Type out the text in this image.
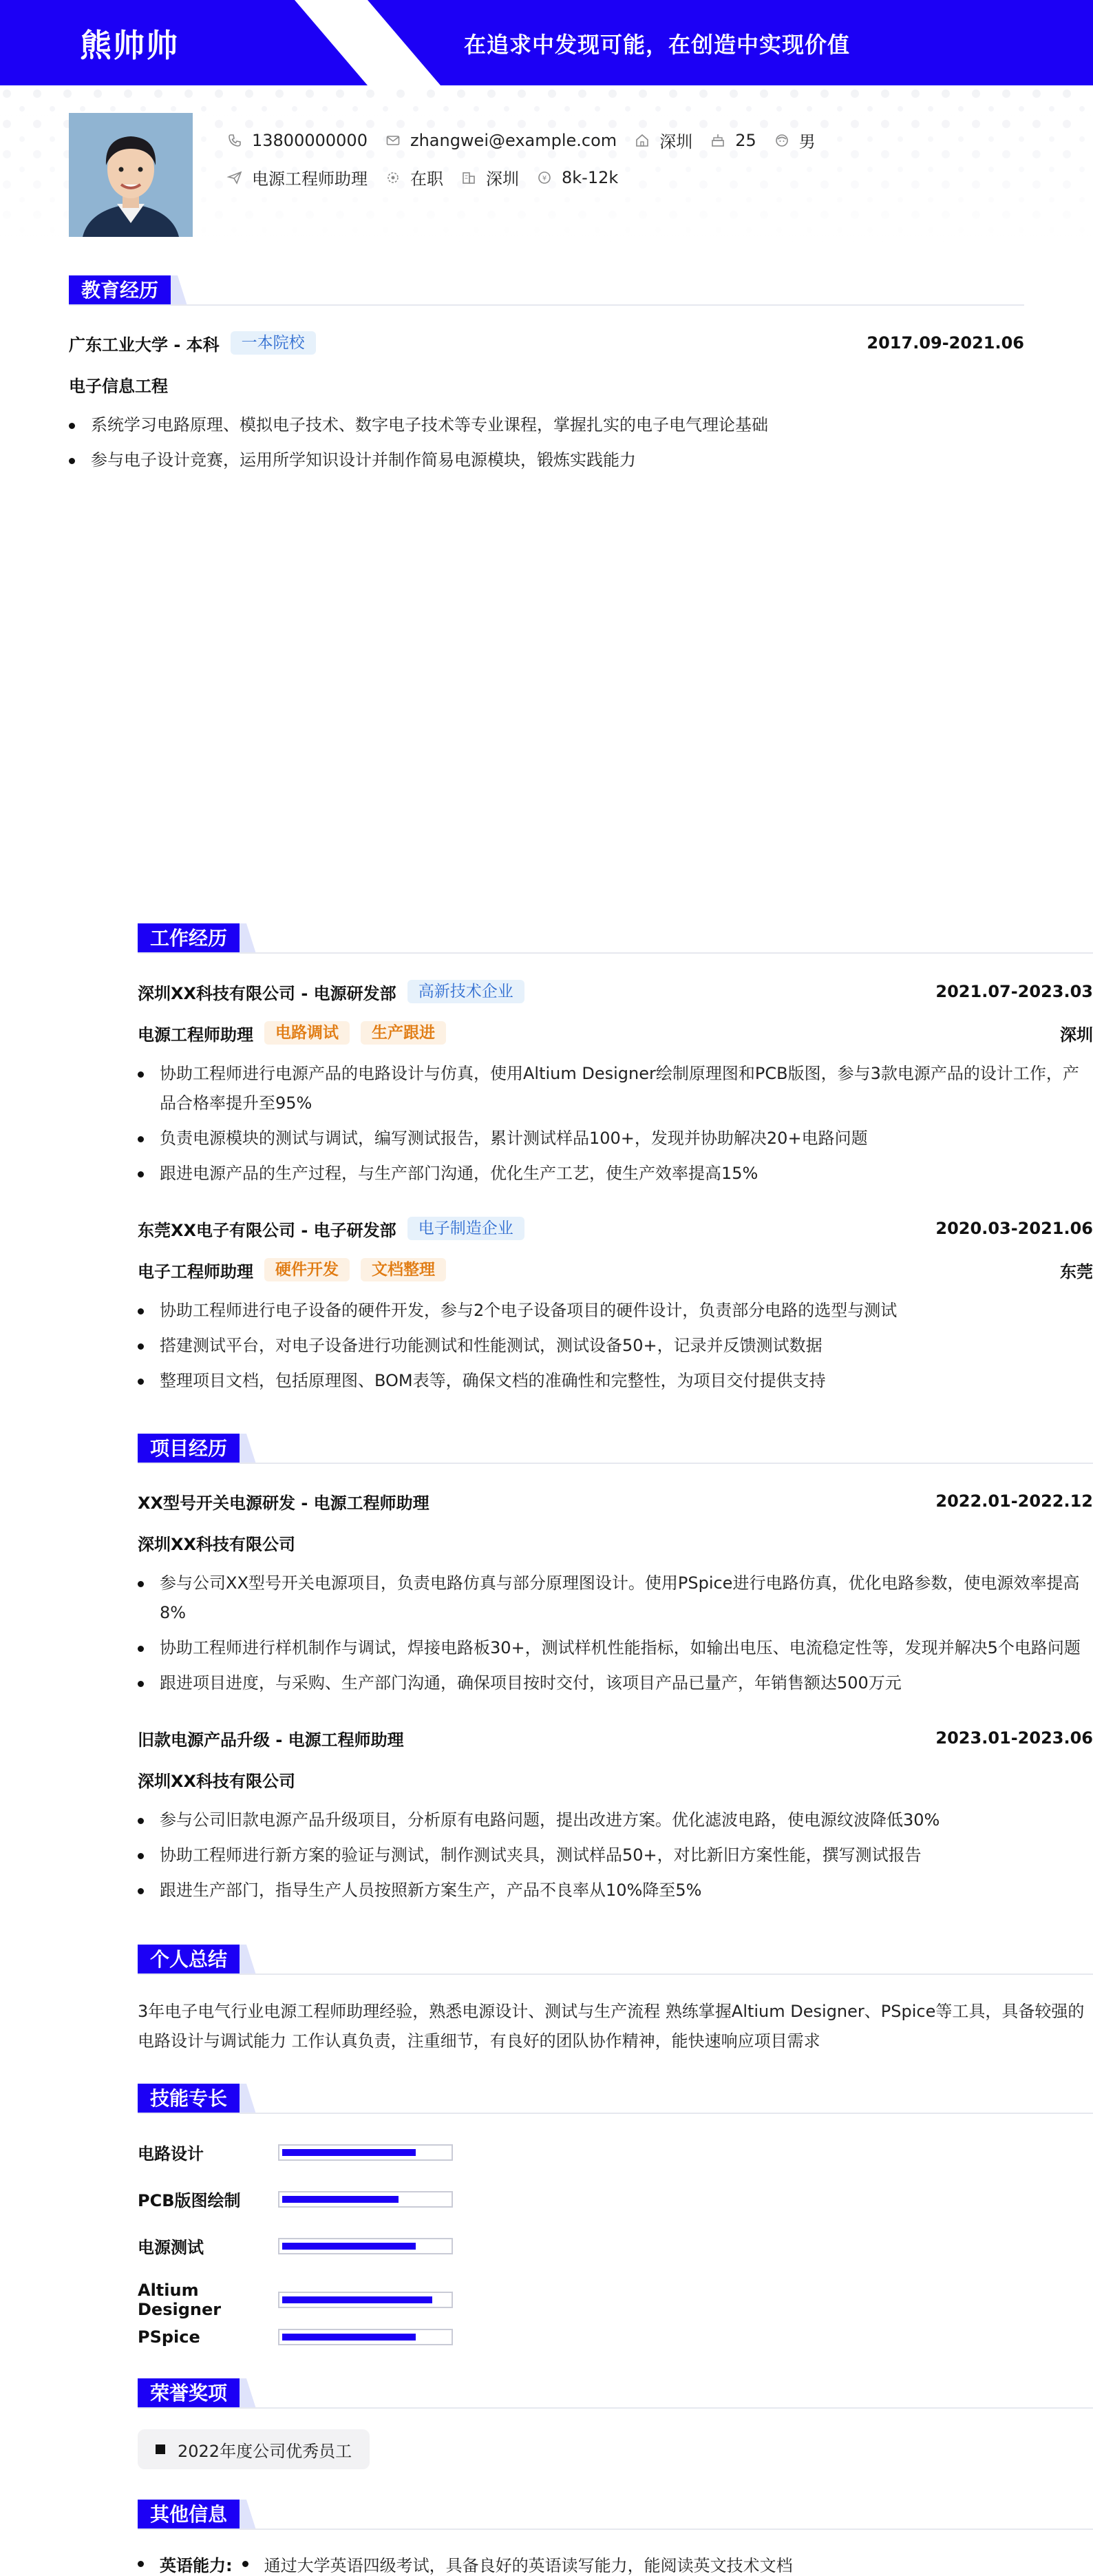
熊帅帅	在追求中发现可能，在创造中实现价值
13800000000	zhangwei@example.com	深圳	25	男
电源工程师助理	在职	深圳	¥ 8k-12k
教育经历
广东工业大学 - 本科	一本院校	2017.09-2021.06
电子信息工程
系统学习电路原理、模拟电子技术、数字电子技术等专业课程，掌握扎实的电子电气理论基础
参与电子设计竞赛，运用所学知识设计并制作简易电源模块，锻炼实践能力
工作经历
深圳XX科技有限公司 - 电源研发部	高新技术企业	2021.07-2023.03
电源工程师助理	电路调试	生产跟进	深圳
协助工程师进行电源产品的电路设计与仿真，使用Altium Designer绘制原理图和PCB版图，参与3款电源产品的设计工作，产品合格率提升至95%
负责电源模块的测试与调试，编写测试报告，累计测试样品100+，发现并协助解决20+电路问题
跟进电源产品的生产过程，与生产部门沟通，优化生产工艺，使生产效率提高15%
东莞XX电子有限公司 - 电子研发部	电子制造企业	2020.03-2021.06
电子工程师助理	硬件开发	文档整理	东莞
协助工程师进行电子设备的硬件开发，参与2个电子设备项目的硬件设计，负责部分电路的选型与测试
搭建测试平台，对电子设备进行功能测试和性能测试，测试设备50+，记录并反馈测试数据
整理项目文档，包括原理图、BOM表等，确保文档的准确性和完整性，为项目交付提供支持
项目经历
XX型号开关电源研发 - 电源工程师助理	2022.01-2022.12
深圳XX科技有限公司
参与公司XX型号开关电源项目，负责电路仿真与部分原理图设计。使用PSpice进行电路仿真，优化电路参数，使电源效率提高8%
协助工程师进行样机制作与调试，焊接电路板30+，测试样机性能指标，如输出电压、电流稳定性等，发现并解决5个电路问题
跟进项目进度，与采购、生产部门沟通，确保项目按时交付，该项目产品已量产，年销售额达500万元
旧款电源产品升级 - 电源工程师助理	2023.01-2023.06
深圳XX科技有限公司
参与公司旧款电源产品升级项目，分析原有电路问题，提出改进方案。优化滤波电路，使电源纹波降低30%
协助工程师进行新方案的验证与测试，制作测试夹具，测试样品50+，对比新旧方案性能，撰写测试报告
跟进生产部门，指导生产人员按照新方案生产，产品不良率从10%降至5%
个人总结
3年电子电气行业电源工程师助理经验，熟悉电源设计、测试与生产流程 熟练掌握Altium Designer、PSpice等工具，具备较强的电路设计与调试能力 工作认真负责，注重细节，有良好的团队协作精神，能快速响应项目需求
技能专长
电路设计
PCB版图绘制
电源测试
Altium Designer
PSpice
荣誉奖项
2022年度公司优秀员工
其他信息
英语能力: 通过大学英语四级考试，具备良好的英语读写能力，能阅读英文技术文档
